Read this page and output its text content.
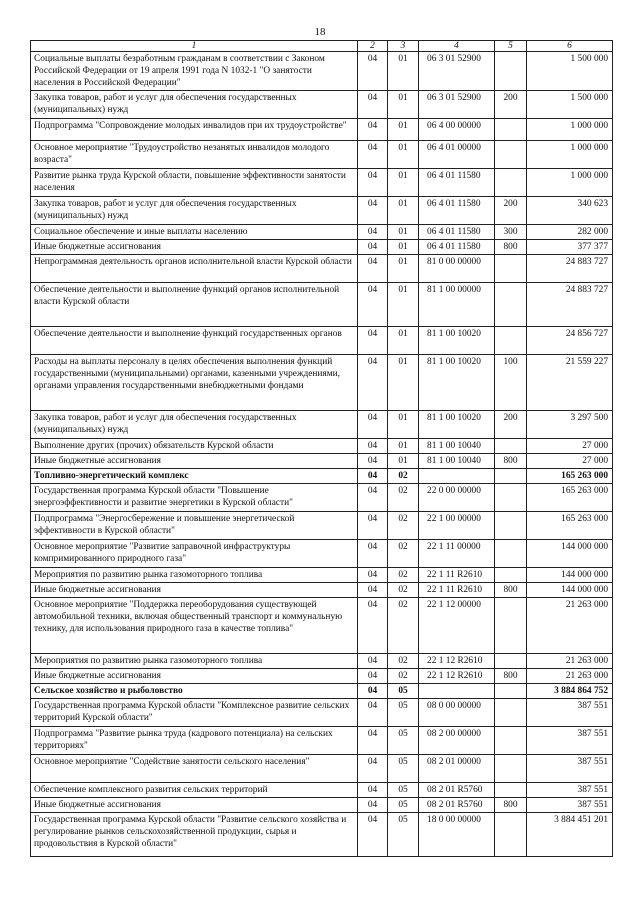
18
1	2	3	4	5	6
Социальные выплаты безработным гражданам в соответствии с Законом Российской Федерации от 19 апреля 1991 года N 1032-1 "О занятости населения в Российской Федерации"	04	01	06 3 01 52900		1 500 000
Закупка товаров, работ и услуг для обеспечения государственных (муниципальных) нужд	04	01	06 3 01 52900	200	1 500 000
Подпрограмма "Сопровождение молодых инвалидов при их трудоустройстве"	04	01	06 4 00 00000		1 000 000
Основное мероприятие "Трудоустройство незанятых инвалидов молодого возраста"	04	01	06 4 01 00000		1 000 000
Развитие рынка труда Курской области, повышение эффективности занятости населения	04	01	06 4 01 11580		1 000 000
Закупка товаров, работ и услуг для обеспечения государственных (муниципальных) нужд	04	01	06 4 01 11580	200	340 623
Социальное обеспечение и иные выплаты населению	04	01	06 4 01 11580	300	282 000
Иные бюджетные ассигнования	04	01	06 4 01 11580	800	377 377
Непрограммная деятельность органов исполнительной власти Курской области	04	01	81 0 00 00000		24 883 727
Обеспечение деятельности и выполнение функций органов исполнительной власти Курской области	04	01	81 1 00 00000		24 883 727
Обеспечение деятельности и выполнение функций государственных органов	04	01	81 1 00 10020		24 856 727
Расходы на выплаты персоналу в целях обеспечения выполнения функций государственными (муниципальными) органами, казенными учреждениями, органами управления государственными внебюджетными фондами	04	01	81 1 00 10020	100	21 559 227
Закупка товаров, работ и услуг для обеспечения государственных (муниципальных) нужд	04	01	81 1 00 10020	200	3 297 500
Выполнение других (прочих) обязательств Курской области	04	01	81 1 00 10040		27 000
Иные бюджетные ассигнования	04	01	81 1 00 10040	800	27 000
Топливно-энергетический комплекс	04	02			165 263 000
Государственная программа Курской области "Повышение энергоэффективности и развитие энергетики в Курской области"	04	02	22 0 00 00000		165 263 000
Подпрограмма "Энергосбережение и повышение энергетической эффективности в Курской области"	04	02	22 1 00 00000		165 263 000
Основное мероприятие "Развитие заправочной инфраструктуры компримированного природного газа"	04	02	22 1 11 00000		144 000 000
Мероприятия по развитию рынка газомоторного топлива	04	02	22 1 11 R2610		144 000 000
Иные бюджетные ассигнования	04	02	22 1 11 R2610	800	144 000 000
Основное мероприятие "Поддержка переоборудования существующей автомобильной техники, включая общественный транспорт и коммунальную технику, для использования природного газа в качестве топлива"	04	02	22 1 12 00000		21 263 000
Мероприятия по развитию рынка газомоторного топлива	04	02	22 1 12 R2610		21 263 000
Иные бюджетные ассигнования	04	02	22 1 12 R2610	800	21 263 000
Сельское хозяйство и рыболовство	04	05			3 884 864 752
Государственная программа Курской области "Комплексное развитие сельских территорий Курской области"	04	05	08 0 00 00000		387 551
Подпрограмма "Развитие рынка труда (кадрового потенциала) на сельских территориях"	04	05	08 2 00 00000		387 551
Основное мероприятие "Содействие занятости сельского населения"	04	05	08 2 01 00000		387 551
Обеспечение комплексного развития сельских территорий	04	05	08 2 01 R5760		387 551
Иные бюджетные ассигнования	04	05	08 2 01 R5760	800	387 551
Государственная программа Курской области "Развитие сельского хозяйства и регулирование рынков сельскохозяйственной продукции, сырья и продовольствия в Курской области"	04	05	18 0 00 00000		3 884 451 201
